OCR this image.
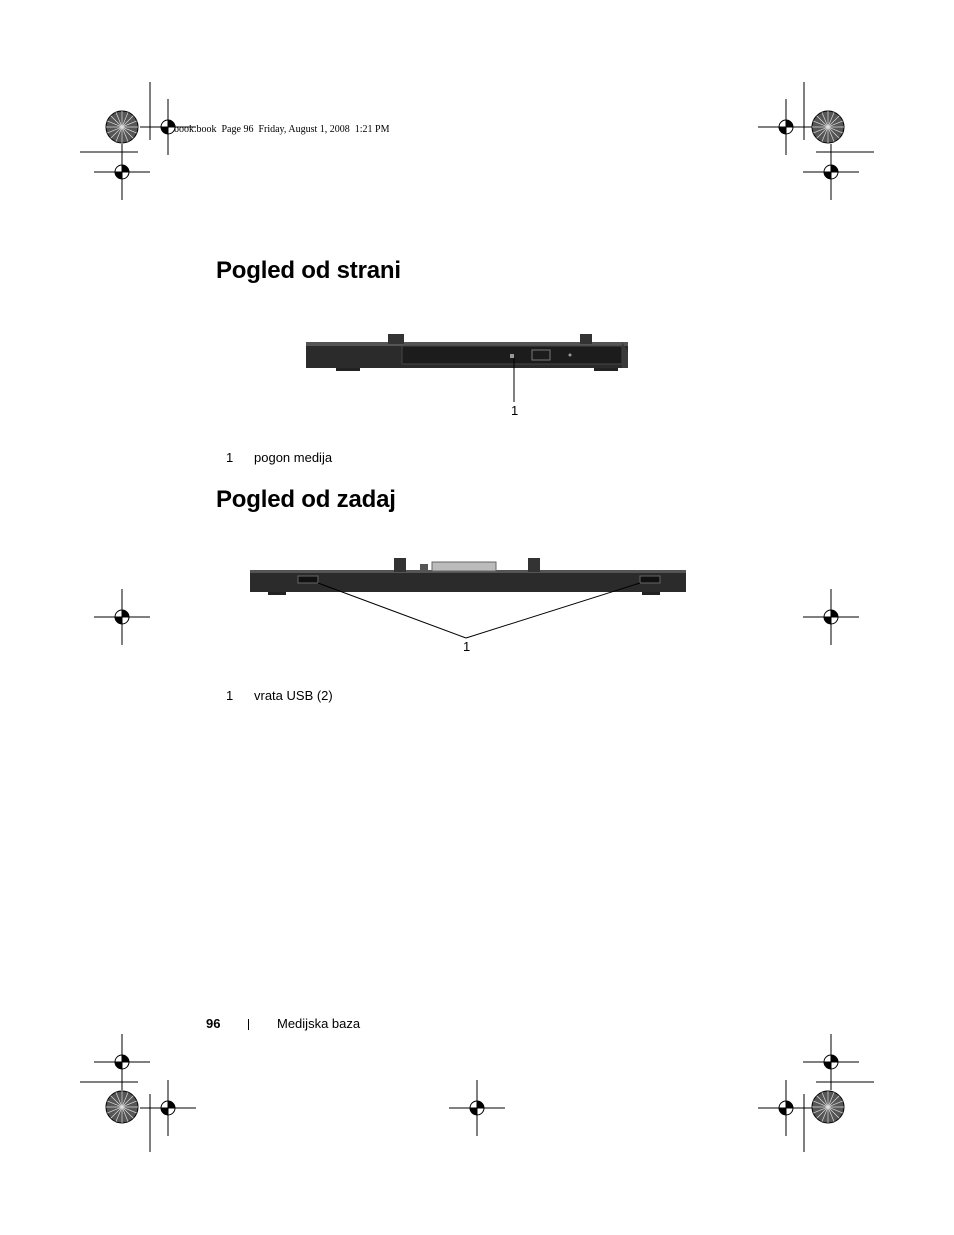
book.book  Page 96  Friday, August 1, 2008  1:21 PM
Pogled od strani
1
1 pogon medija
Pogled od zadaj
1
1 vrata USB (2)
96	Medijska baza
